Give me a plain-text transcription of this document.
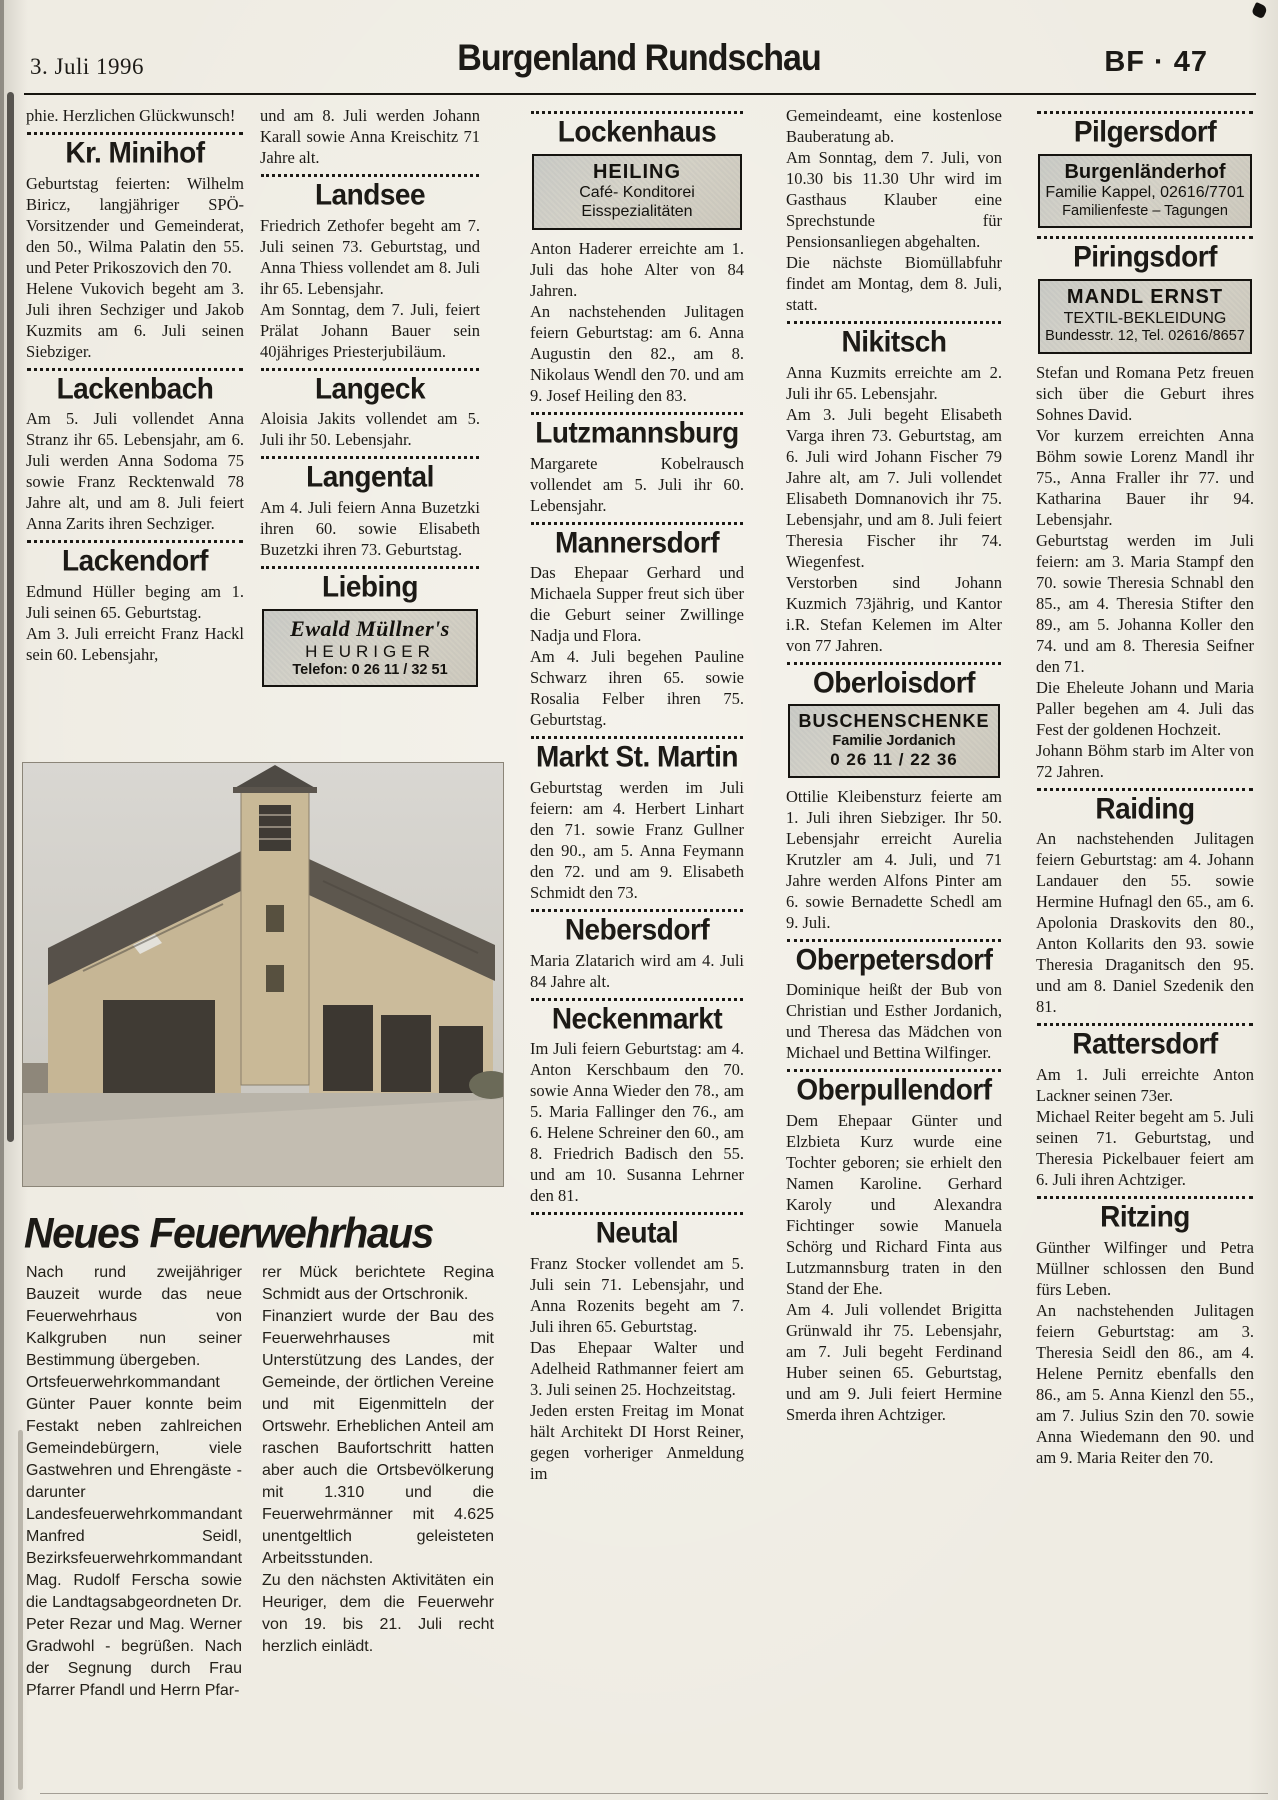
3. Juli 1996	Burgenland Rundschau	BF · 47

phie. Herzlichen Glückwunsch!

Kr. Minihof

Geburtstag feierten: Wilhelm Biricz, langjähriger SPÖ-Vorsitzender und Gemeinderat, den 50., Wilma Palatin den 55. und Peter Prikoszovich den 70.

Helene Vukovich begeht am 3. Juli ihren Sechziger und Jakob Kuzmits am 6. Juli seinen Siebziger.

Lackenbach

Am 5. Juli vollendet Anna Stranz ihr 65. Lebensjahr, am 6. Juli werden Anna Sodoma 75 sowie Franz Recktenwald 78 Jahre alt, und am 8. Juli feiert Anna Zarits ihren Sechziger.

Lackendorf

Edmund Hüller beging am 1. Juli seinen 65. Geburtstag.

Am 3. Juli erreicht Franz Hackl sein 60. Lebensjahr,

und am 8. Juli werden Johann Karall sowie Anna Kreischitz 71 Jahre alt.

Landsee

Friedrich Zethofer begeht am 7. Juli seinen 73. Geburtstag, und Anna Thiess vollendet am 8. Juli ihr 65. Lebensjahr.

Am Sonntag, dem 7. Juli, feiert Prälat Johann Bauer sein 40jähriges Priesterjubiläum.

Langeck

Aloisia Jakits vollendet am 5. Juli ihr 50. Lebensjahr.

Langental

Am 4. Juli feiern Anna Buzetzki ihren 60. sowie Elisabeth Buzetzki ihren 73. Geburtstag.

Liebing
Ewald Müllner's
HEURIGER
Telefon: 0 26 11 / 32 51
Neues Feuerwehrhaus

Nach rund zweijähriger Bauzeit wurde das neue Feuerwehrhaus von Kalkgruben nun seiner Bestimmung übergeben.

Ortsfeuerwehrkommandant Günter Pauer konnte beim Festakt neben zahlreichen Gemeindebürgern, viele Gastwehren und Ehrengäste - darunter Landesfeuerwehrkommandant Manfred Seidl, Bezirksfeuerwehrkommandant Mag. Rudolf Ferscha sowie die Landtagsabgeordneten Dr. Peter Rezar und Mag. Werner Gradwohl - begrüßen. Nach der Segnung durch Frau Pfarrer Pfandl und Herrn Pfar-

rer Mück berichtete Regina Schmidt aus der Ortschronik.

Finanziert wurde der Bau des Feuerwehrhauses mit Unterstützung des Landes, der Gemeinde, der örtlichen Vereine und mit Eigenmitteln der Ortswehr. Erheblichen Anteil am raschen Baufortschritt hatten aber auch die Ortsbevölkerung mit 1.310 und die Feuerwehrmänner mit 4.625 unentgeltlich geleisteten Arbeitsstunden.

Zu den nächsten Aktivitäten ein Heuriger, dem die Feuerwehr von 19. bis 21. Juli recht herzlich einlädt.

Lockenhaus
HEILING
Café- Konditorei
Eisspezialitäten

Anton Haderer erreichte am 1. Juli das hohe Alter von 84 Jahren.

An nachstehenden Julitagen feiern Geburtstag: am 6. Anna Augustin den 82., am 8. Nikolaus Wendl den 70. und am 9. Josef Heiling den 83.

Lutzmannsburg

Margarete Kobelrausch vollendet am 5. Juli ihr 60. Lebensjahr.

Mannersdorf

Das Ehepaar Gerhard und Michaela Supper freut sich über die Geburt seiner Zwillinge Nadja und Flora.

Am 4. Juli begehen Pauline Schwarz ihren 65. sowie Rosalia Felber ihren 75. Geburtstag.

Markt St. Martin

Geburtstag werden im Juli feiern: am 4. Herbert Linhart den 71. sowie Franz Gullner den 90., am 5. Anna Feymann den 72. und am 9. Elisabeth Schmidt den 73.

Nebersdorf

Maria Zlatarich wird am 4. Juli 84 Jahre alt.

Neckenmarkt

Im Juli feiern Geburtstag: am 4. Anton Kerschbaum den 70. sowie Anna Wieder den 78., am 5. Maria Fallinger den 76., am 6. Helene Schreiner den 60., am 8. Friedrich Badisch den 55. und am 10. Susanna Lehrner den 81.

Neutal

Franz Stocker vollendet am 5. Juli sein 71. Lebensjahr, und Anna Rozenits begeht am 7. Juli ihren 65. Geburtstag.

Das Ehepaar Walter und Adelheid Rathmanner feiert am 3. Juli seinen 25. Hochzeitstag.

Jeden ersten Freitag im Monat hält Architekt DI Horst Reiner, gegen vorheriger Anmeldung im

Gemeindeamt, eine kostenlose Bauberatung ab.

Am Sonntag, dem 7. Juli, von 10.30 bis 11.30 Uhr wird im Gasthaus Klauber eine Sprechstunde für Pensionsanliegen abgehalten.

Die nächste Biomüllabfuhr findet am Montag, dem 8. Juli, statt.

Nikitsch

Anna Kuzmits erreichte am 2. Juli ihr 65. Lebensjahr.

Am 3. Juli begeht Elisabeth Varga ihren 73. Geburtstag, am 6. Juli wird Johann Fischer 79 Jahre alt, am 7. Juli vollendet Elisabeth Domnanovich ihr 75. Lebensjahr, und am 8. Juli feiert Theresia Fischer ihr 74. Wiegenfest.

Verstorben sind Johann Kuzmich 73jährig, und Kantor i.R. Stefan Kelemen im Alter von 77 Jahren.

Oberloisdorf
BUSCHENSCHENKE
Familie Jordanich
0 26 11 / 22 36

Ottilie Kleibensturz feierte am 1. Juli ihren Siebziger. Ihr 50. Lebensjahr erreicht Aurelia Krutzler am 4. Juli, und 71 Jahre werden Alfons Pinter am 6. sowie Bernadette Schedl am 9. Juli.

Oberpetersdorf

Dominique heißt der Bub von Christian und Esther Jordanich, und Theresa das Mädchen von Michael und Bettina Wilfinger.

Oberpullendorf

Dem Ehepaar Günter und Elzbieta Kurz wurde eine Tochter geboren; sie erhielt den Namen Karoline. Gerhard Karoly und Alexandra Fichtinger sowie Manuela Schörg und Richard Finta aus Lutzmannsburg traten in den Stand der Ehe.

Am 4. Juli vollendet Brigitta Grünwald ihr 75. Lebensjahr, am 7. Juli begeht Ferdinand Huber seinen 65. Geburtstag, und am 9. Juli feiert Hermine Smerda ihren Achtziger.

Pilgersdorf
Burgenländerhof
Familie Kappel, 02616/7701
Familienfeste – Tagungen
Piringsdorf
MANDL ERNST
TEXTIL-BEKLEIDUNG
Bundesstr. 12, Tel. 02616/8657

Stefan und Romana Petz freuen sich über die Geburt ihres Sohnes David.

Vor kurzem erreichten Anna Böhm sowie Lorenz Mandl ihr 75., Anna Fraller ihr 77. und Katharina Bauer ihr 94. Lebensjahr.

Geburtstag werden im Juli feiern: am 3. Maria Stampf den 70. sowie Theresia Schnabl den 85., am 4. Theresia Stifter den 89., am 5. Johanna Koller den 74. und am 8. Theresia Seifner den 71.

Die Eheleute Johann und Maria Paller begehen am 4. Juli das Fest der goldenen Hochzeit.

Johann Böhm starb im Alter von 72 Jahren.

Raiding

An nachstehenden Julitagen feiern Geburtstag: am 4. Johann Landauer den 55. sowie Hermine Hufnagl den 65., am 6. Apolonia Draskovits den 80., Anton Kollarits den 93. sowie Theresia Draganitsch den 95. und am 8. Daniel Szedenik den 81.

Rattersdorf

Am 1. Juli erreichte Anton Lackner seinen 73er.

Michael Reiter begeht am 5. Juli seinen 71. Geburtstag, und Theresia Pickelbauer feiert am 6. Juli ihren Achtziger.

Ritzing

Günther Wilfinger und Petra Müllner schlossen den Bund fürs Leben.

An nachstehenden Julitagen feiern Geburtstag: am 3. Theresia Seidl den 86., am 4. Helene Pernitz ebenfalls den 86., am 5. Anna Kienzl den 55., am 7. Julius Szin den 70. sowie Anna Wiedemann den 90. und am 9. Maria Reiter den 70.
